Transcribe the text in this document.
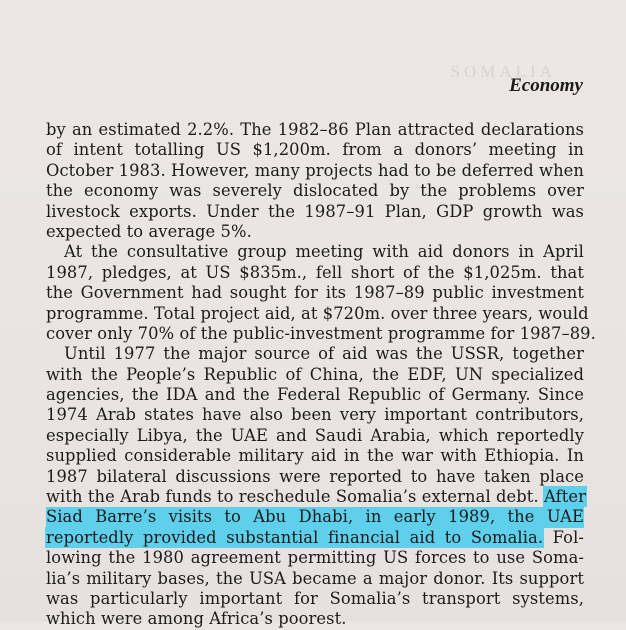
SOMALIA
Economy
by an estimated 2.2%. The 1982–86 Plan attracted declarations
of intent totalling US $1,200m. from a donors’ meeting in
October 1983. However, many projects had to be deferred when
the economy was severely dislocated by the problems over
livestock exports. Under the 1987–91 Plan, GDP growth was
expected to average 5%.
At the consultative group meeting with aid donors in April
1987, pledges, at US $835m., fell short of the $1,025m. that
the Government had sought for its 1987–89 public investment
programme. Total project aid, at $720m. over three years, would
cover only 70% of the public-investment programme for 1987–89.
Until 1977 the major source of aid was the USSR, together
with the People’s Republic of China, the EDF, UN specialized
agencies, the IDA and the Federal Republic of Germany. Since
1974 Arab states have also been very important contributors,
especially Libya, the UAE and Saudi Arabia, which reportedly
supplied considerable military aid in the war with Ethiopia. In
1987 bilateral discussions were reported to have taken place
with the Arab funds to reschedule Somalia’s external debt. After
Siad Barre’s visits to Abu Dhabi, in early 1989, the UAE
reportedly provided substantial financial aid to Somalia. Fol-
lowing the 1980 agreement permitting US forces to use Soma-
lia’s military bases, the USA became a major donor. Its support
was particularly important for Somalia’s transport systems,
which were among Africa’s poorest.
